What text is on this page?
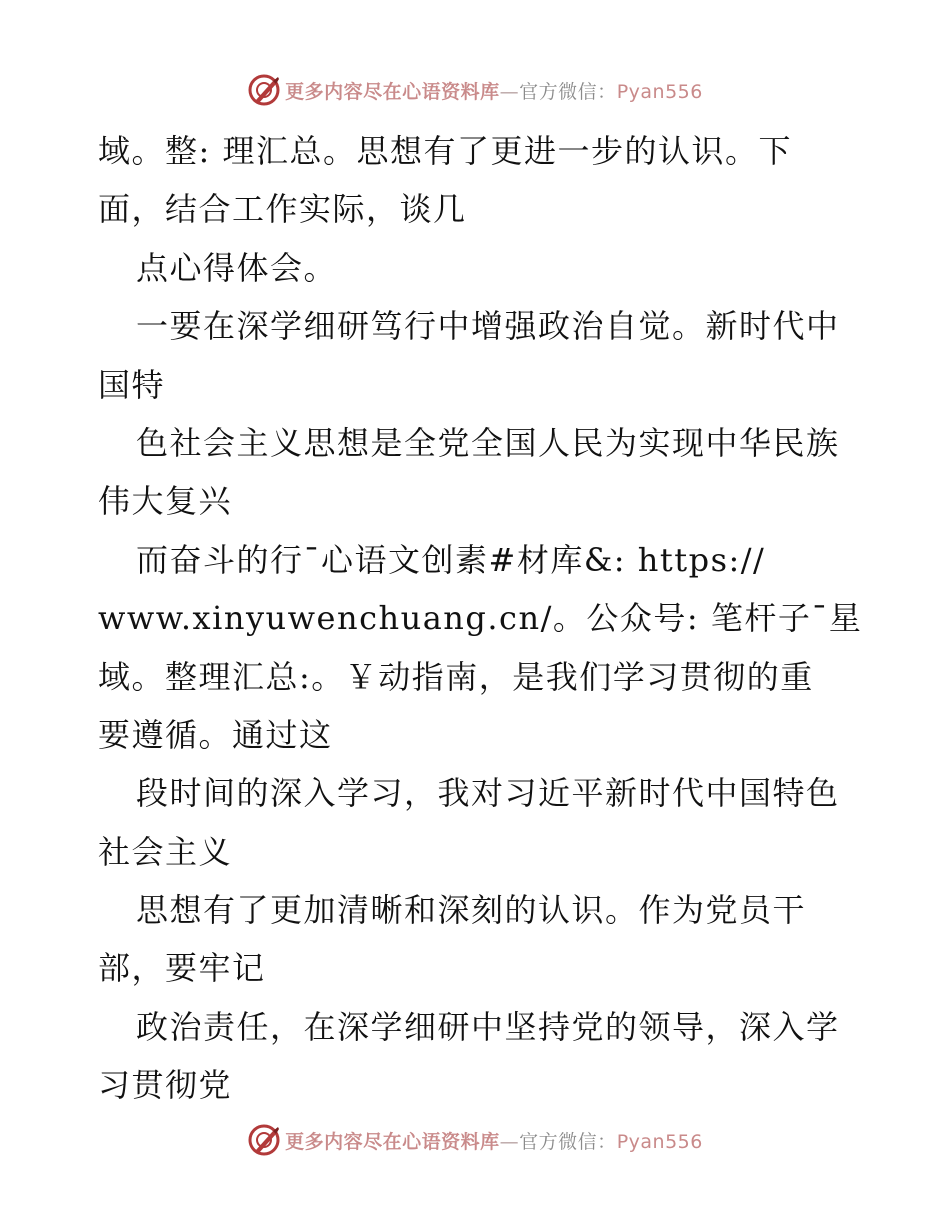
更多内容尽在心语资料库—官方微信：Pyan556
域。整: 理汇总。思想有了更进一步的认识。下
面，结合工作实际，谈几
点心得体会。
一要在深学细研笃行中增强政治自觉。新时代中
国特
色社会主义思想是全党全国人民为实现中华民族
伟大复兴
而奋斗的行¯心语文创素#材库&: https://
www.xinyuwenchuang.cn/。公众号: 笔杆子¯星
域。整理汇总:。￥动指南，是我们学习贯彻的重
要遵循。通过这
段时间的深入学习，我对习近平新时代中国特色
社会主义
思想有了更加清晰和深刻的认识。作为党员干
部，要牢记
政治责任，在深学细研中坚持党的领导，深入学
习贯彻党
更多内容尽在心语资料库—官方微信：Pyan556
